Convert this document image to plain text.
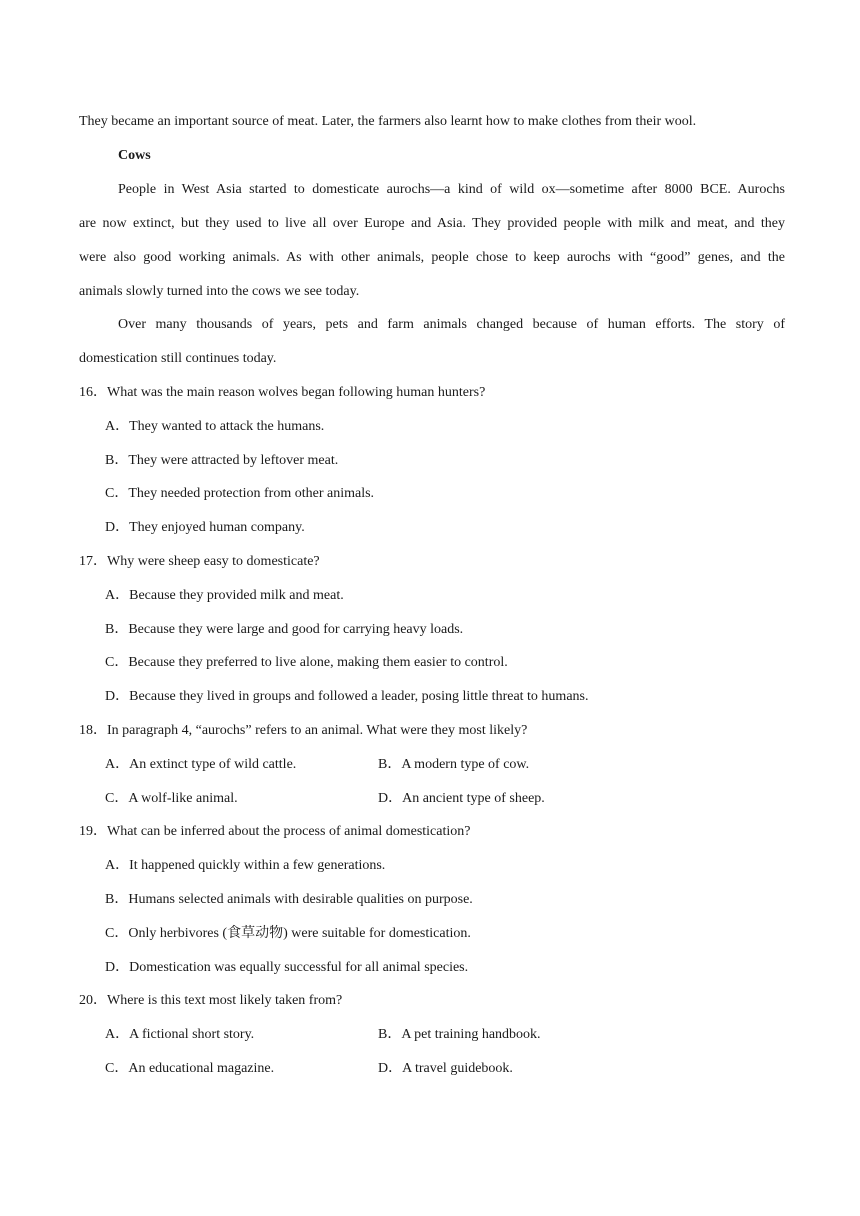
They became an important source of meat. Later, the farmers also learnt how to make clothes from their wool.
Cows
People in West Asia started to domesticate aurochs—a kind of wild ox—sometime after 8000 BCE. Aurochs
are now extinct, but they used to live all over Europe and Asia. They provided people with milk and meat, and they
were also good working animals. As with other animals, people chose to keep aurochs with “good” genes, and the
animals slowly turned into the cows we see today.
Over many thousands of years, pets and farm animals changed because of human efforts. The story of
domestication still continues today.
16．What was the main reason wolves began following human hunters?
A．They wanted to attack the humans.
B．They were attracted by leftover meat.
C．They needed protection from other animals.
D．They enjoyed human company.
17．Why were sheep easy to domesticate?
A．Because they provided milk and meat.
B．Because they were large and good for carrying heavy loads.
C．Because they preferred to live alone, making them easier to control.
D．Because they lived in groups and followed a leader, posing little threat to humans.
18．In paragraph 4, “aurochs” refers to an animal. What were they most likely?
A．An extinct type of wild cattle.	B．A modern type of cow.
C．A wolf-like animal.	D．An ancient type of sheep.
19．What can be inferred about the process of animal domestication?
A．It happened quickly within a few generations.
B．Humans selected animals with desirable qualities on purpose.
C．Only herbivores (食草动物) were suitable for domestication.
D．Domestication was equally successful for all animal species.
20．Where is this text most likely taken from?
A．A fictional short story.	B．A pet training handbook.
C．An educational magazine.	D．A travel guidebook.
